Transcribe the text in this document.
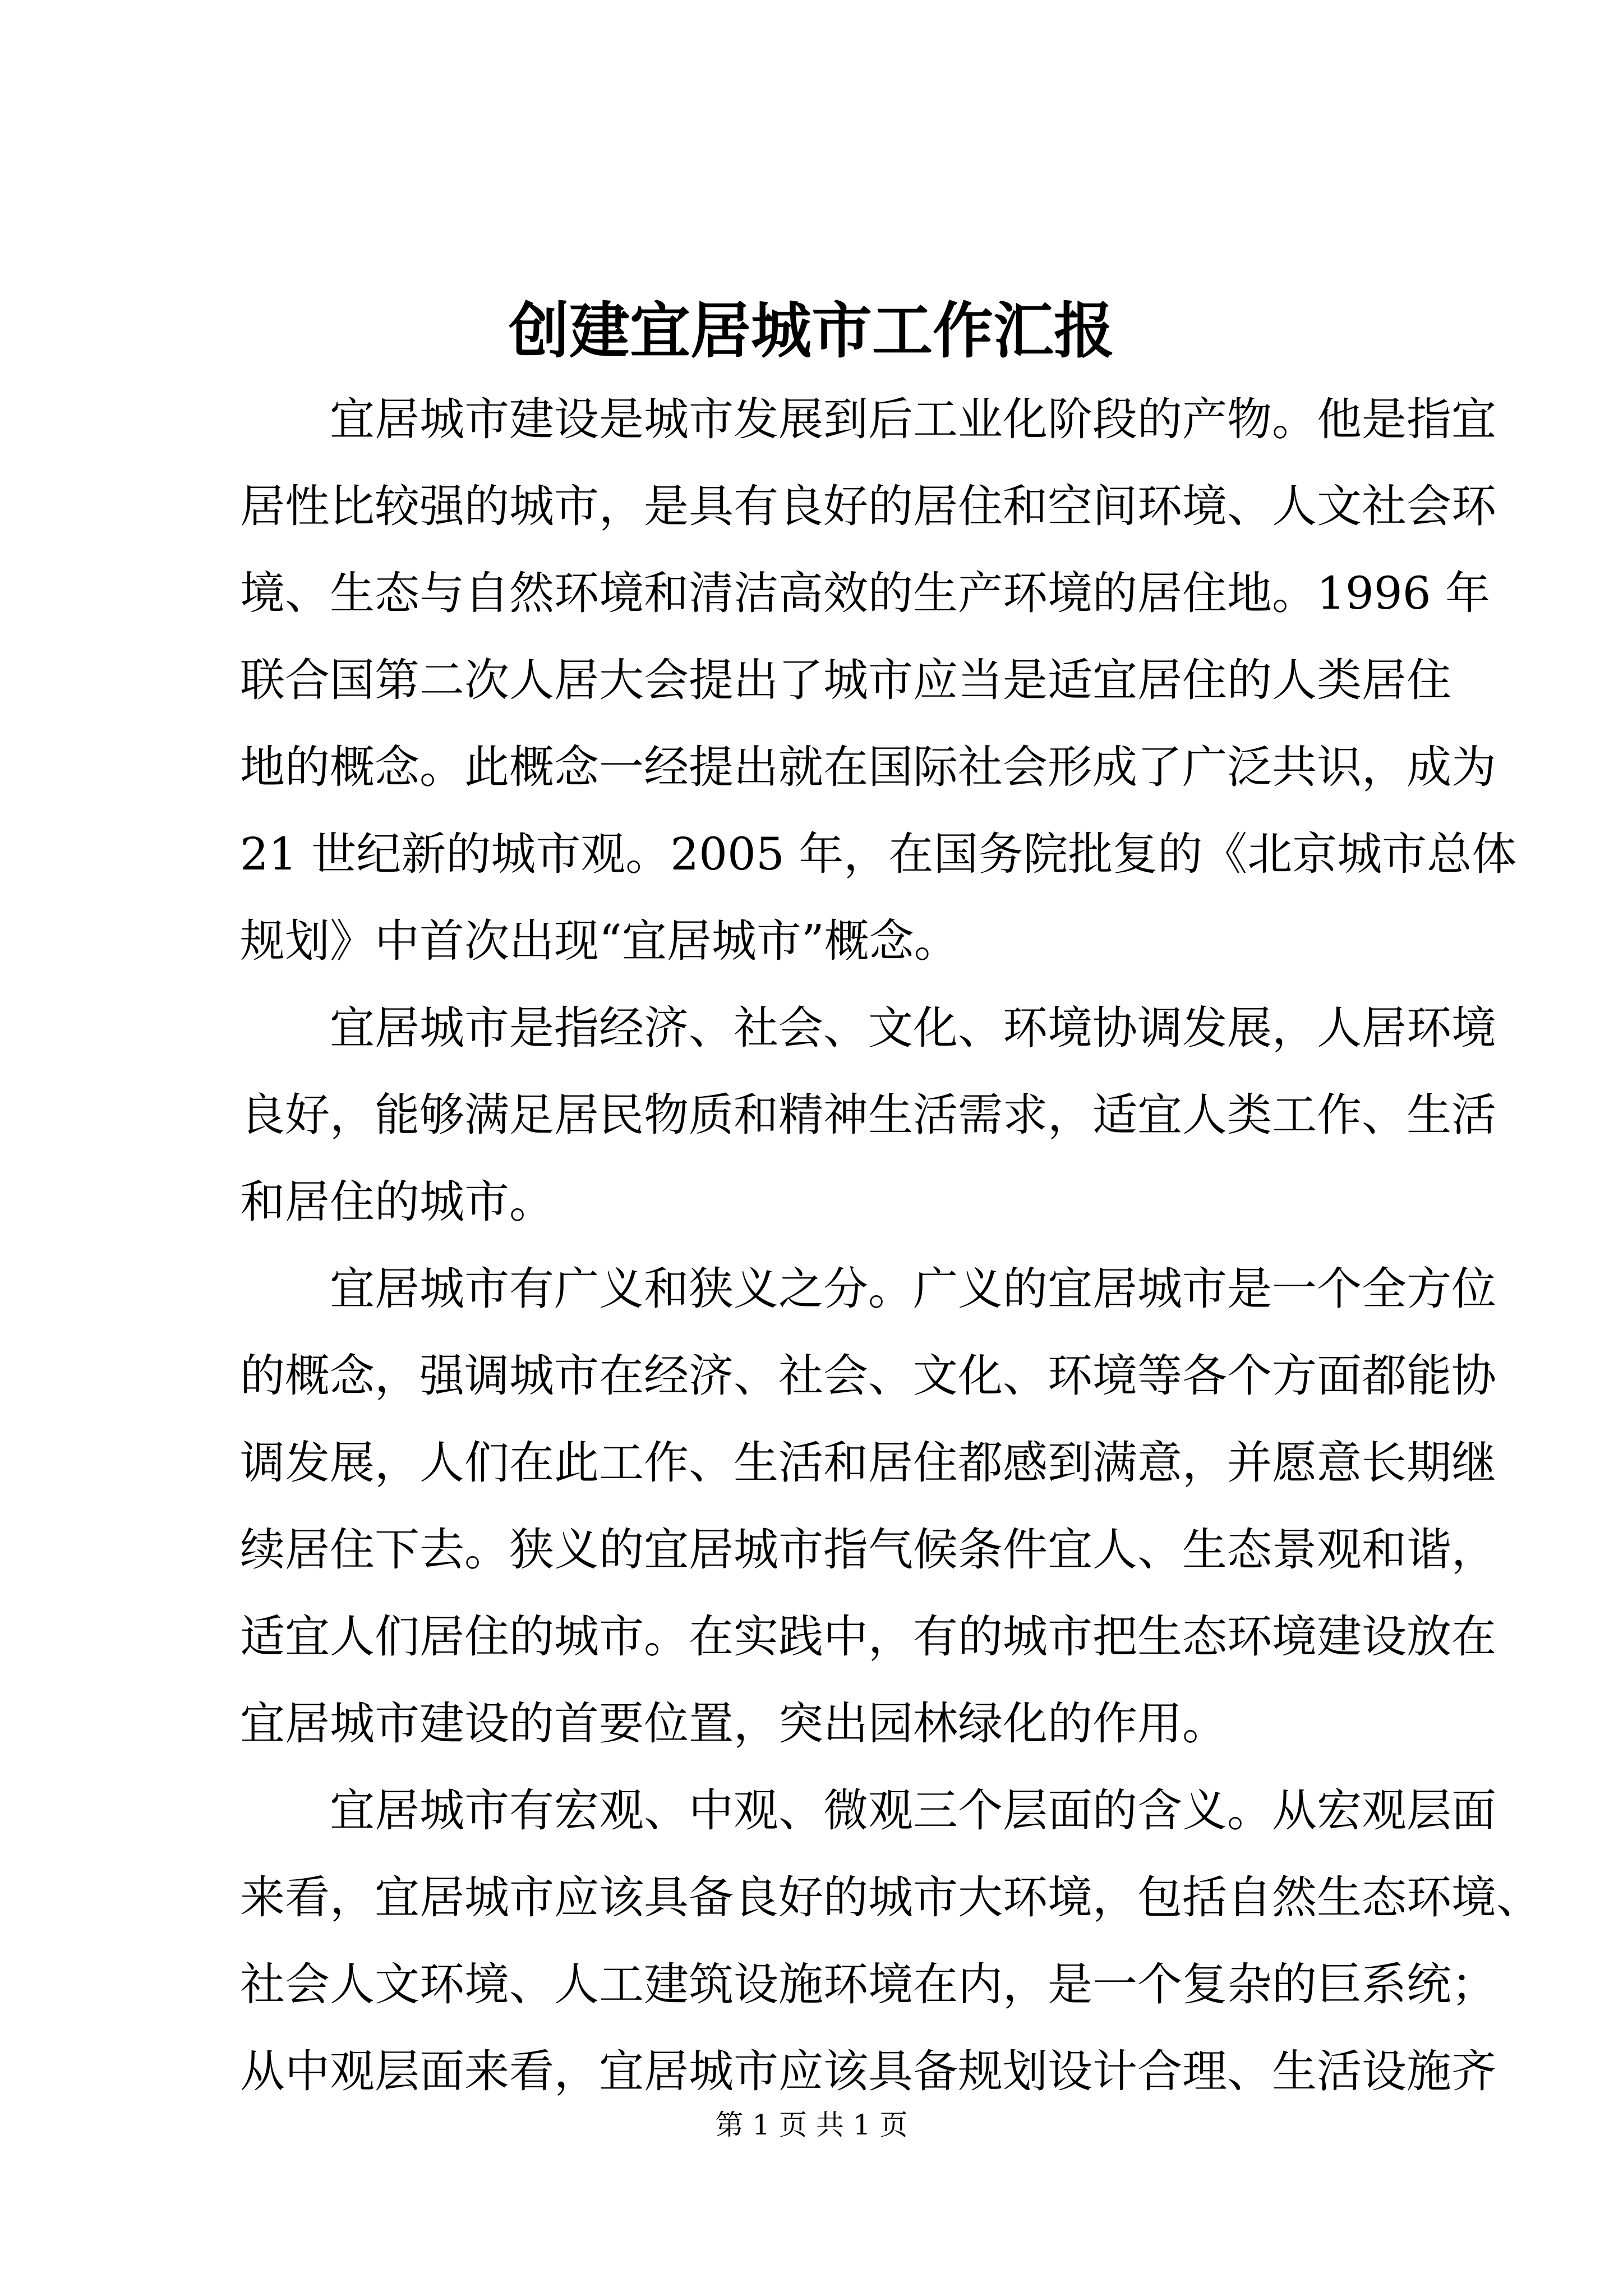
创建宜居城市工作汇报

宜居城市建设是城市发展到后工业化阶段的产物。他是指宜
居性比较强的城市，是具有良好的居住和空间环境、人文社会环
境、生态与自然环境和清洁高效的生产环境的居住地。1996 年
联合国第二次人居大会提出了城市应当是适宜居住的人类居住
地的概念。此概念一经提出就在国际社会形成了广泛共识，成为
21 世纪新的城市观。2005 年，在国务院批复的《北京城市总体
规划》中首次出现“宜居城市”概念。

宜居城市是指经济、社会、文化、环境协调发展，人居环境
良好，能够满足居民物质和精神生活需求，适宜人类工作、生活
和居住的城市。

宜居城市有广义和狭义之分。广义的宜居城市是一个全方位
的概念，强调城市在经济、社会、文化、环境等各个方面都能协
调发展，人们在此工作、生活和居住都感到满意，并愿意长期继
续居住下去。狭义的宜居城市指气候条件宜人、生态景观和谐，
适宜人们居住的城市。在实践中，有的城市把生态环境建设放在
宜居城市建设的首要位置，突出园林绿化的作用。

宜居城市有宏观、中观、微观三个层面的含义。从宏观层面
来看，宜居城市应该具备良好的城市大环境，包括自然生态环境、
社会人文环境、人工建筑设施环境在内，是一个复杂的巨系统；
从中观层面来看，宜居城市应该具备规划设计合理、生活设施齐

第 1 页 共 1 页
